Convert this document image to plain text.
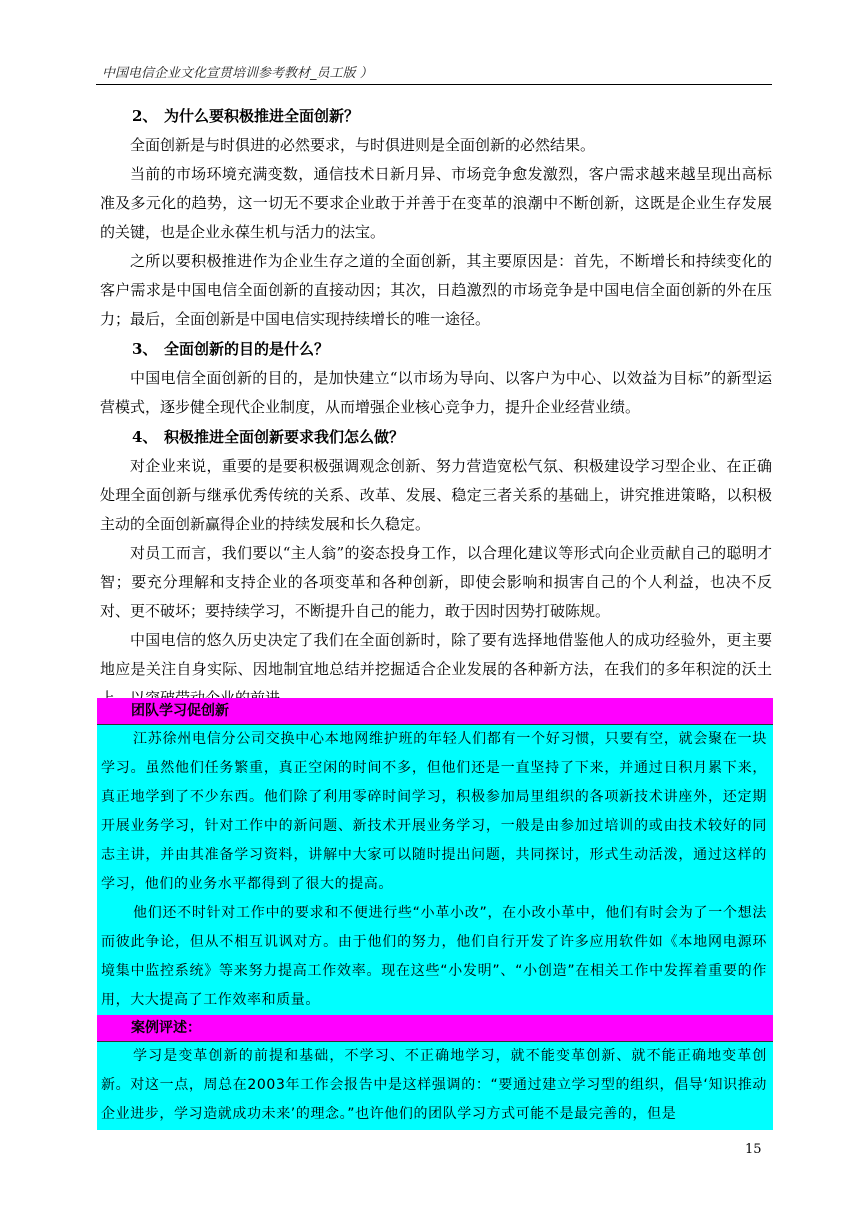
中国电信企业文化宣贯培训参考教材_员工版 ）
2、 为什么要积极推进全面创新？
全面创新是与时俱进的必然要求，与时俱进则是全面创新的必然结果。
当前的市场环境充满变数，通信技术日新月异、市场竞争愈发激烈，客户需求越来越呈现出高标准及多元化的趋势，这一切无不要求企业敢于并善于在变革的浪潮中不断创新，这既是企业生存发展的关键，也是企业永葆生机与活力的法宝。
之所以要积极推进作为企业生存之道的全面创新，其主要原因是：首先，不断增长和持续变化的客户需求是中国电信全面创新的直接动因；其次，日趋激烈的市场竞争是中国电信全面创新的外在压力；最后，全面创新是中国电信实现持续增长的唯一途径。
3、 全面创新的目的是什么？
中国电信全面创新的目的，是加快建立“以市场为导向、以客户为中心、以效益为目标”的新型运营模式，逐步健全现代企业制度，从而增强企业核心竞争力，提升企业经营业绩。
4、 积极推进全面创新要求我们怎么做？
对企业来说，重要的是要积极强调观念创新、努力营造宽松气氛、积极建设学习型企业、在正确处理全面创新与继承优秀传统的关系、改革、发展、稳定三者关系的基础上，讲究推进策略，以积极主动的全面创新赢得企业的持续发展和长久稳定。
对员工而言，我们要以“主人翁”的姿态投身工作，以合理化建议等形式向企业贡献自己的聪明才智；要充分理解和支持企业的各项变革和各种创新，即使会影响和损害自己的个人利益，也决不反对、更不破坏；要持续学习，不断提升自己的能力，敢于因时因势打破陈规。
中国电信的悠久历史决定了我们在全面创新时，除了要有选择地借鉴他人的成功经验外，更主要地应是关注自身实际、因地制宜地总结并挖掘适合企业发展的各种新方法，在我们的多年积淀的沃土
团队学习促创新
江苏徐州电信分公司交换中心本地网维护班的年轻人们都有一个好习惯，只要有空，就会聚在一块学习。虽然他们任务繁重，真正空闲的时间不多，但他们还是一直坚持了下来，并通过日积月累下来，真正地学到了不少东西。他们除了利用零碎时间学习，积极参加局里组织的各项新技术讲座外，还定期开展业务学习，针对工作中的新问题、新技术开展业务学习，一般是由参加过培训的或由技术较好的同志主讲，并由其准备学习资料，讲解中大家可以随时提出问题，共同探讨，形式生动活泼，通过这样的学习，他们的业务水平都得到了很大的提高。
他们还不时针对工作中的要求和不便进行些“小革小改”，在小改小革中，他们有时会为了一个想法而彼此争论，但从不相互讥讽对方。由于他们的努力，他们自行开发了许多应用软件如《本地网电源环境集中监控系统》等来努力提高工作效率。现在这些“小发明”、“小创造”在相关工作中发挥着重要的作用，大大提高了工作效率和质量。
案例评述：
学习是变革创新的前提和基础，不学习、不正确地学习，就不能变革创新、就不能正确地变革创新。对这一点，周总在2003年工作会报告中是这样强调的：“要通过建立学习型的组织，倡导‘知识推动企业进步，学习造就成功未来’的理念。”也许他们的团队学习方式可能不是最完善的，但是
15
